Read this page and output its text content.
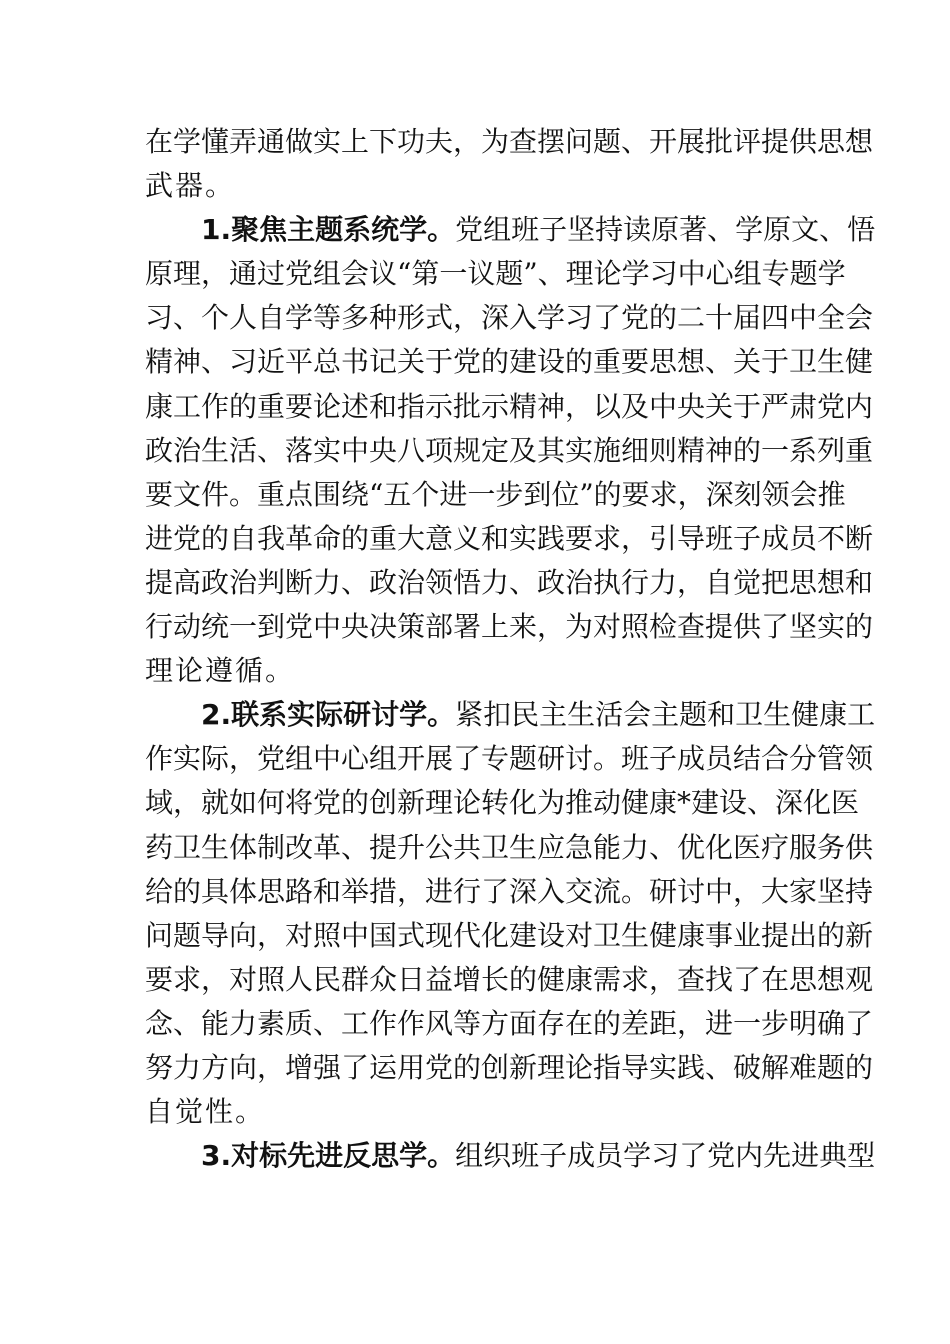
在学懂弄通做实上下功夫，为查摆问题、开展批评提供思想
武器。
1.聚焦主题系统学。党组班子坚持读原著、学原文、悟
原理，通过党组会议“第一议题”、理论学习中心组专题学
习、个人自学等多种形式，深入学习了党的二十届四中全会
精神、习近平总书记关于党的建设的重要思想、关于卫生健
康工作的重要论述和指示批示精神，以及中央关于严肃党内
政治生活、落实中央八项规定及其实施细则精神的一系列重
要文件。重点围绕“五个进一步到位”的要求，深刻领会推
进党的自我革命的重大意义和实践要求，引导班子成员不断
提高政治判断力、政治领悟力、政治执行力，自觉把思想和
行动统一到党中央决策部署上来，为对照检查提供了坚实的
理论遵循。
2.联系实际研讨学。紧扣民主生活会主题和卫生健康工
作实际，党组中心组开展了专题研讨。班子成员结合分管领
域，就如何将党的创新理论转化为推动健康*建设、深化医
药卫生体制改革、提升公共卫生应急能力、优化医疗服务供
给的具体思路和举措，进行了深入交流。研讨中，大家坚持
问题导向，对照中国式现代化建设对卫生健康事业提出的新
要求，对照人民群众日益增长的健康需求，查找了在思想观
念、能力素质、工作作风等方面存在的差距，进一步明确了
努力方向，增强了运用党的创新理论指导实践、破解难题的
自觉性。
3.对标先进反思学。组织班子成员学习了党内先进典型
